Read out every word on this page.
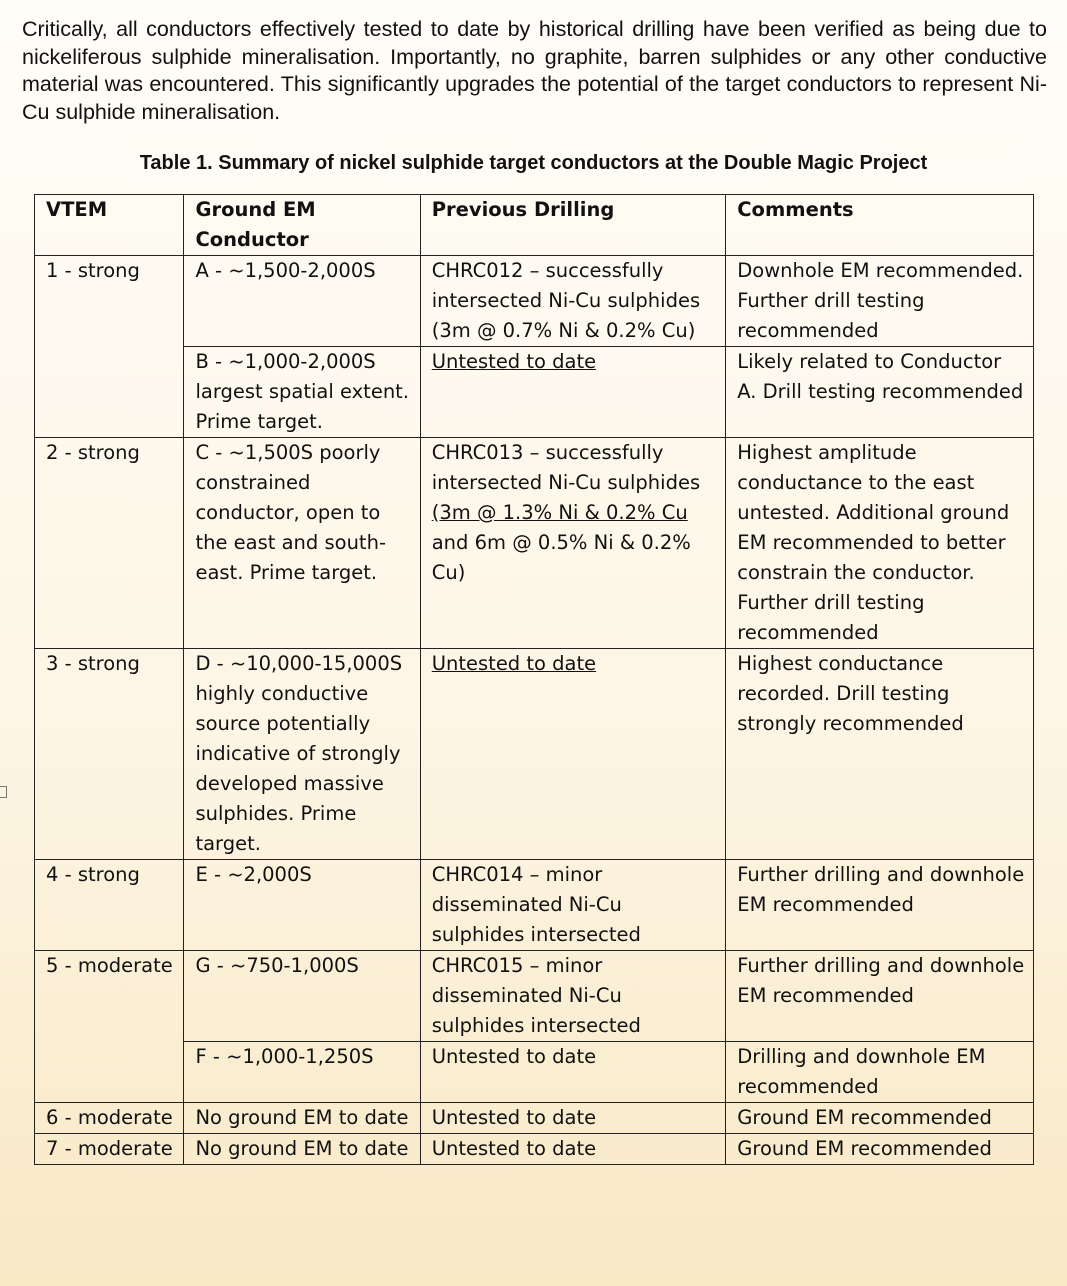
Critically, all conductors effectively tested to date by historical drilling have been verified as being due to nickeliferous sulphide mineralisation. Importantly, no graphite, barren sulphides or any other conductive material was encountered. This significantly upgrades the potential of the target conductors to represent Ni-Cu sulphide mineralisation.

Table 1. Summary of nickel sulphide target conductors at the Double Magic Project

VTEM	Ground EM Conductor	Previous Drilling	Comments
1 - strong	A - ~1,500-2,000S	CHRC012 – successfully intersected Ni-Cu sulphides (3m @ 0.7% Ni & 0.2% Cu)	Downhole EM recommended. Further drill testing recommended
	B - ~1,000-2,000S largest spatial extent. Prime target.	Untested to date	Likely related to Conductor A. Drill testing recommended
2 - strong	C - ~1,500S poorly constrained conductor, open to the east and south-east. Prime target.	CHRC013 – successfully intersected Ni-Cu sulphides (3m @ 1.3% Ni & 0.2% Cu and 6m @ 0.5% Ni & 0.2% Cu)	Highest amplitude conductance to the east untested. Additional ground EM recommended to better constrain the conductor. Further drill testing recommended
3 - strong	D - ~10,000-15,000S highly conductive source potentially indicative of strongly developed massive sulphides. Prime target.	Untested to date	Highest conductance recorded. Drill testing strongly recommended
4 - strong	E - ~2,000S	CHRC014 – minor disseminated Ni-Cu sulphides intersected	Further drilling and downhole EM recommended
5 - moderate	G - ~750-1,000S	CHRC015 – minor disseminated Ni-Cu sulphides intersected	Further drilling and downhole EM recommended
	F - ~1,000-1,250S	Untested to date	Drilling and downhole EM recommended
6 - moderate	No ground EM to date	Untested to date	Ground EM recommended
7 - moderate	No ground EM to date	Untested to date	Ground EM recommended
